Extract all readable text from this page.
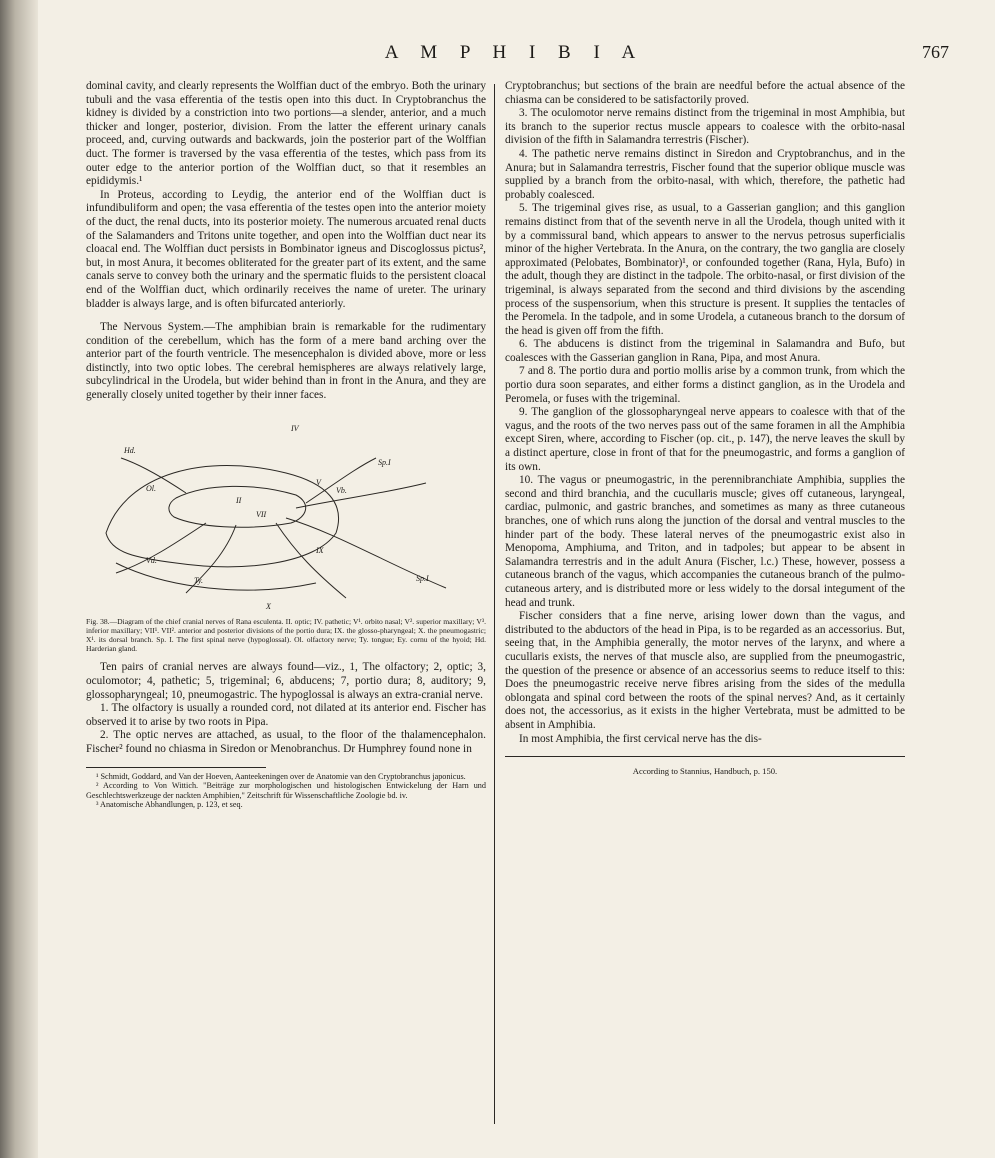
A M P H I B I A	767

dominal cavity, and clearly represents the Wolffian duct of the embryo. Both the urinary tubuli and the vasa efferentia of the testis open into this duct. In Cryptobranchus the kidney is divided by a constriction into two portions—a slender, anterior, and a much thicker and longer, posterior, division. From the latter the efferent urinary canals proceed, and, curving outwards and backwards, join the posterior part of the Wolffian duct. The former is traversed by the vasa efferentia of the testes, which pass from its outer edge to the anterior portion of the Wolffian duct, so that it resembles an epididymis.¹

In Proteus, according to Leydig, the anterior end of the Wolffian duct is infundibuliform and open; the vasa efferentia of the testes open into the anterior moiety of the duct, the renal ducts, into its posterior moiety. The numerous arcuated renal ducts of the Salamanders and Tritons unite together, and open into the Wolffian duct near its cloacal end. The Wolffian duct persists in Bombinator igneus and Discoglossus pictus², but, in most Anura, it becomes obliterated for the greater part of its extent, and the same canals serve to convey both the urinary and the spermatic fluids to the persistent cloacal end of the Wolffian duct, which ordinarily receives the name of ureter. The urinary bladder is always large, and is often bifurcated anteriorly.

The Nervous System.—The amphibian brain is remarkable for the rudimentary condition of the cerebellum, which has the form of a mere band arching over the anterior part of the fourth ventricle. The mesencephalon is divided above, more or less distinctly, into two optic lobes. The cerebral hemispheres are always relatively large, subcylindrical in the Urodela, but wider behind than in front in the Anura, and they are generally closely united together by their inner faces.

Hd.
Ol.
II
IV
VII
Vb.
Sp.I
Ty.
IX
Vd.
X
Sp.I
V
Fig. 38.—Diagram of the chief cranial nerves of Rana esculenta. II. optic; IV. pathetic; V¹. orbito nasal; V². superior maxillary; V³. inferior maxillary; VII¹. VII². anterior and posterior divisions of the portio dura; IX. the glosso-pharyngeal; X. the pneumogastric; X¹. its dorsal branch. Sp. I. The first spinal nerve (hypoglossal). Ol. olfactory nerve; Ty. tongue; Ey. cornu of the hyoid; Hd. Harderian gland.

Ten pairs of cranial nerves are always found—viz., 1, The olfactory; 2, optic; 3, oculomotor; 4, pathetic; 5, trigeminal; 6, abducens; 7, portio dura; 8, auditory; 9, glossopharyngeal; 10, pneumogastric. The hypoglossal is always an extra-cranial nerve.

1. The olfactory is usually a rounded cord, not dilated at its anterior end. Fischer has observed it to arise by two roots in Pipa.

2. The optic nerves are attached, as usual, to the floor of the thalamencephalon. Fischer² found no chiasma in Siredon or Menobranchus. Dr Humphrey found none in

¹ Schmidt, Goddard, and Van der Hoeven, Aanteekeningen over de Anatomie van den Cryptobranchus japonicus.
² According to Von Wittich. "Beiträge zur morphologischen und histologischen Entwickelung der Harn und Geschlechtswerkzeuge der nackten Amphibien," Zeitschrift für Wissenschaftliche Zoologie bd. iv.
³ Anatomische Abhandlungen, p. 123, et seq.

Cryptobranchus; but sections of the brain are needful before the actual absence of the chiasma can be considered to be satisfactorily proved.

3. The oculomotor nerve remains distinct from the trigeminal in most Amphibia, but its branch to the superior rectus muscle appears to coalesce with the orbito-nasal division of the fifth in Salamandra terrestris (Fischer).

4. The pathetic nerve remains distinct in Siredon and Cryptobranchus, and in the Anura; but in Salamandra terrestris, Fischer found that the superior oblique muscle was supplied by a branch from the orbito-nasal, with which, therefore, the pathetic had probably coalesced.

5. The trigeminal gives rise, as usual, to a Gasserian ganglion; and this ganglion remains distinct from that of the seventh nerve in all the Urodela, though united with it by a commissural band, which appears to answer to the nervus petrosus superficialis minor of the higher Vertebrata. In the Anura, on the contrary, the two ganglia are closely approximated (Pelobates, Bombinator)¹, or confounded together (Rana, Hyla, Bufo) in the adult, though they are distinct in the tadpole. The orbito-nasal, or first division of the trigeminal, is always separated from the second and third divisions by the ascending process of the suspensorium, when this structure is present. It supplies the tentacles of the Peromela. In the tadpole, and in some Urodela, a cutaneous branch to the dorsum of the head is given off from the fifth.

6. The abducens is distinct from the trigeminal in Salamandra and Bufo, but coalesces with the Gasserian ganglion in Rana, Pipa, and most Anura.

7 and 8. The portio dura and portio mollis arise by a common trunk, from which the portio dura soon separates, and either forms a distinct ganglion, as in the Urodela and Peromela, or fuses with the trigeminal.

9. The ganglion of the glossopharyngeal nerve appears to coalesce with that of the vagus, and the roots of the two nerves pass out of the same foramen in all the Amphibia except Siren, where, according to Fischer (op. cit., p. 147), the nerve leaves the skull by a distinct aperture, close in front of that for the pneumogastric, and forms a ganglion of its own.

10. The vagus or pneumogastric, in the perennibranchiate Amphibia, supplies the second and third branchia, and the cucullaris muscle; gives off cutaneous, laryngeal, cardiac, pulmonic, and gastric branches, and sometimes as many as three cutaneous branches, one of which runs along the junction of the dorsal and ventral muscles to the hinder part of the body. These lateral nerves of the pneumogastric exist also in Menopoma, Amphiuma, and Triton, and in tadpoles; but appear to be absent in Salamandra terrestris and in the adult Anura (Fischer, l.c.) These, however, possess a cutaneous branch of the vagus, which accompanies the cutaneous branch of the pulmo-cutaneous artery, and is distributed more or less widely to the dorsal integument of the head and trunk.

Fischer considers that a fine nerve, arising lower down than the vagus, and distributed to the abductors of the head in Pipa, is to be regarded as an accessorius. But, seeing that, in the Amphibia generally, the motor nerves of the larynx, and where a cucullaris exists, the nerves of that muscle also, are supplied from the pneumogastric, the question of the presence or absence of an accessorius seems to reduce itself to this: Does the pneumogastric receive nerve fibres arising from the sides of the medulla oblongata and spinal cord between the roots of the spinal nerves? And, as it certainly does not, the accessorius, as it exists in the higher Vertebrata, must be admitted to be absent in Amphibia.

In most Amphibia, the first cervical nerve has the dis-

According to Stannius, Handbuch, p. 150.
